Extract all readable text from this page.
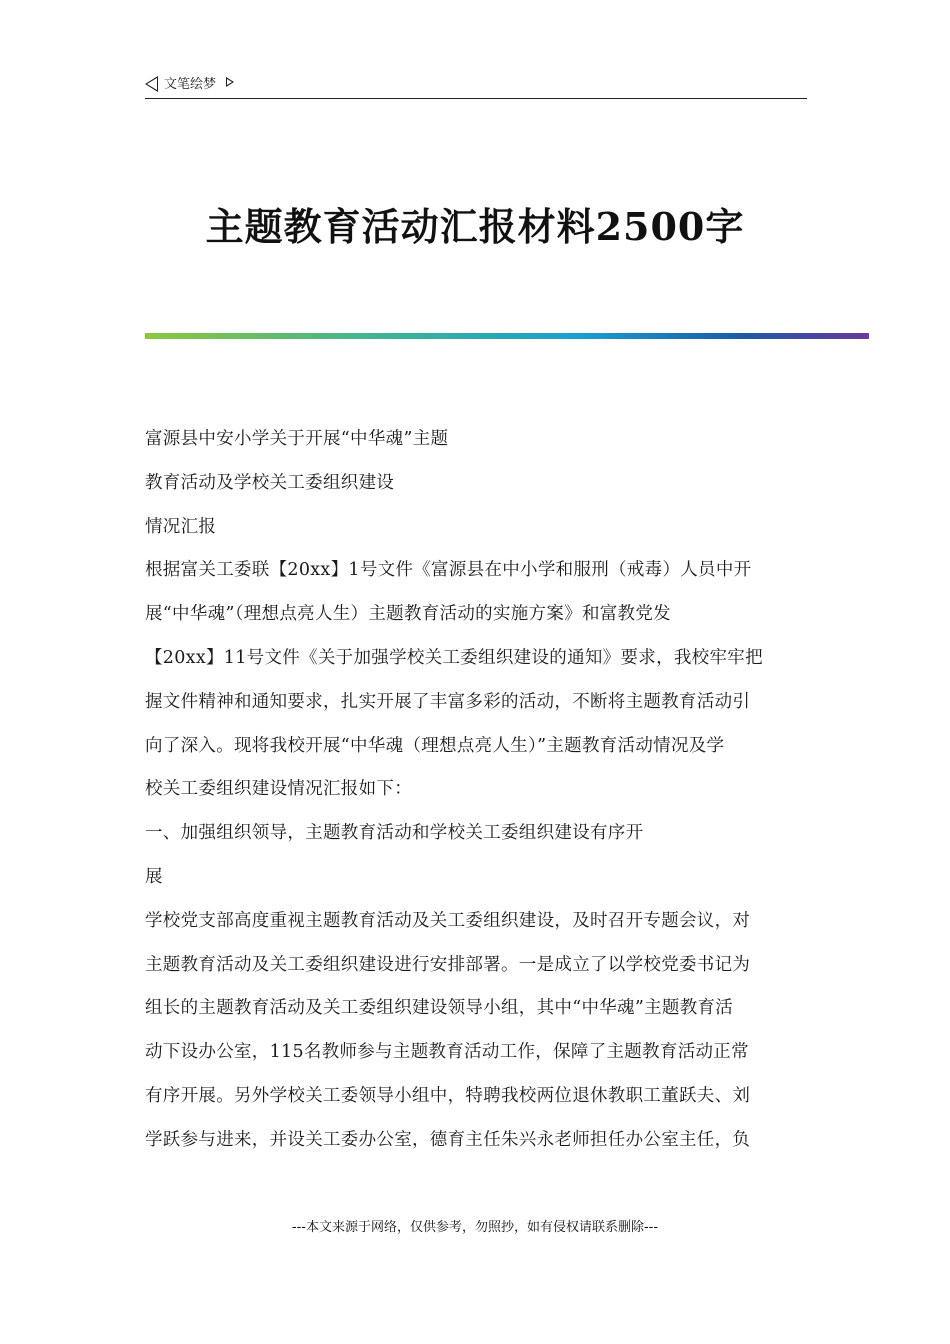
文笔绘梦
主题教育活动汇报材料2500字

富源县中安小学关于开展“中华魂”主题

教育活动及学校关工委组织建设

情况汇报

根据富关工委联【20xx】1号文件《富源县在中小学和服刑（戒毒）人员中开

展“中华魂”（理想点亮人生）主题教育活动的实施方案》和富教党发

【20xx】11号文件《关于加强学校关工委组织建设的通知》要求，我校牢牢把

握文件精神和通知要求，扎实开展了丰富多彩的活动，不断将主题教育活动引

向了深入。现将我校开展“中华魂（理想点亮人生）”主题教育活动情况及学

校关工委组织建设情况汇报如下：

一、加强组织领导，主题教育活动和学校关工委组织建设有序开

展

学校党支部高度重视主题教育活动及关工委组织建设，及时召开专题会议，对

主题教育活动及关工委组织建设进行安排部署。一是成立了以学校党委书记为

组长的主题教育活动及关工委组织建设领导小组，其中“中华魂”主题教育活

动下设办公室，115名教师参与主题教育活动工作，保障了主题教育活动正常

有序开展。另外学校关工委领导小组中，特聘我校两位退休教职工董跃夫、刘

学跃参与进来，并设关工委办公室，德育主任朱兴永老师担任办公室主任，负

---本文来源于网络，仅供参考，勿照抄，如有侵权请联系删除---
